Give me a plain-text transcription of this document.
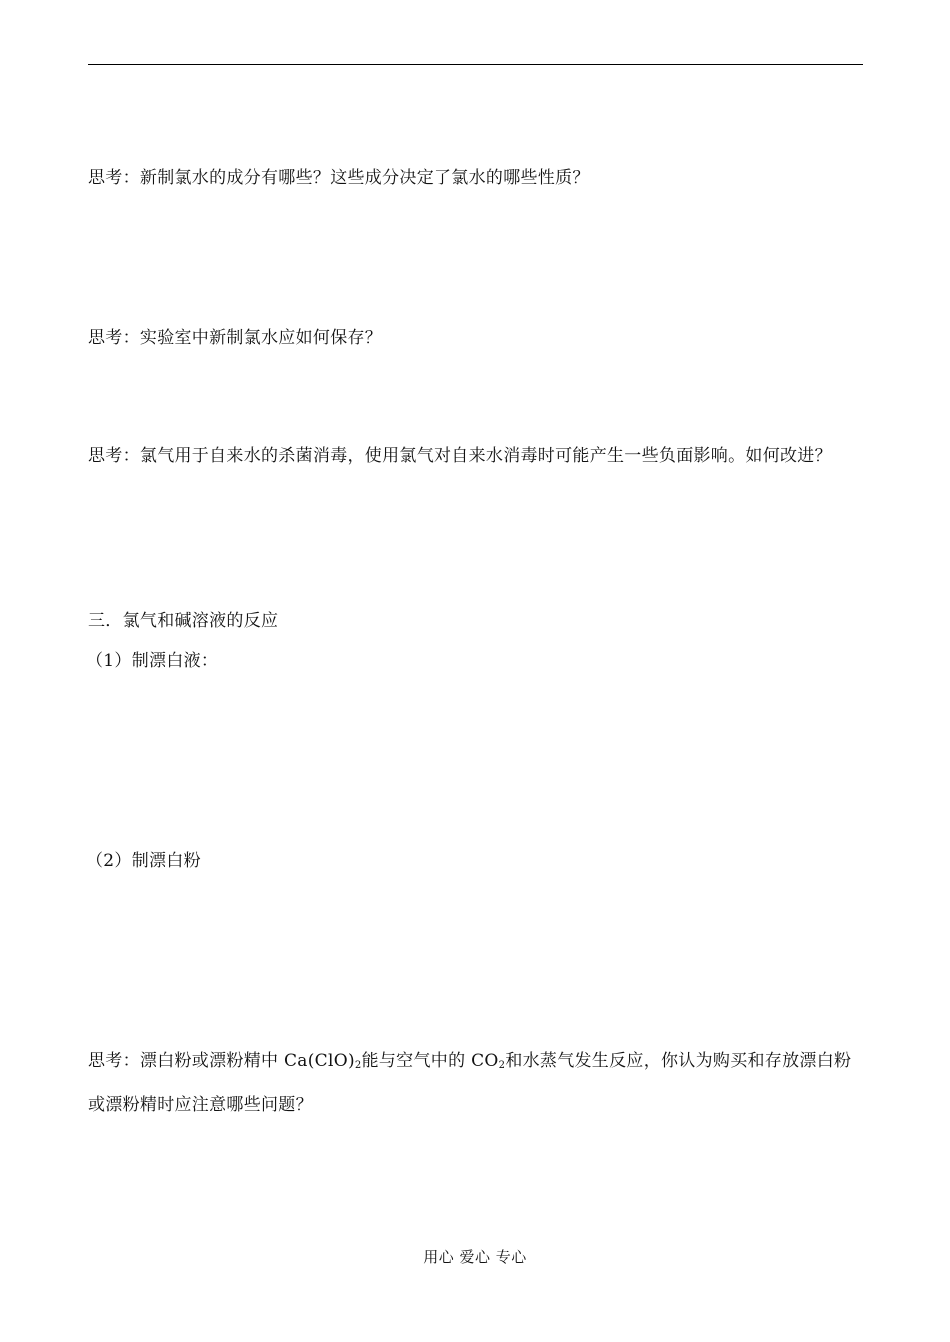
思考：新制氯水的成分有哪些？这些成分决定了氯水的哪些性质？
思考：实验室中新制氯水应如何保存？
思考：氯气用于自来水的杀菌消毒，使用氯气对自来水消毒时可能产生一些负面影响。如何改进？
三．氯气和碱溶液的反应
（1）制漂白液：
（2）制漂白粉
思考：漂白粉或漂粉精中 $Ca(ClO)_2$能与空气中的 $CO_2$和水蒸气发生反应，你认为购买和存放漂白粉或漂粉精时应注意哪些问题？
用心 爱心 专心
